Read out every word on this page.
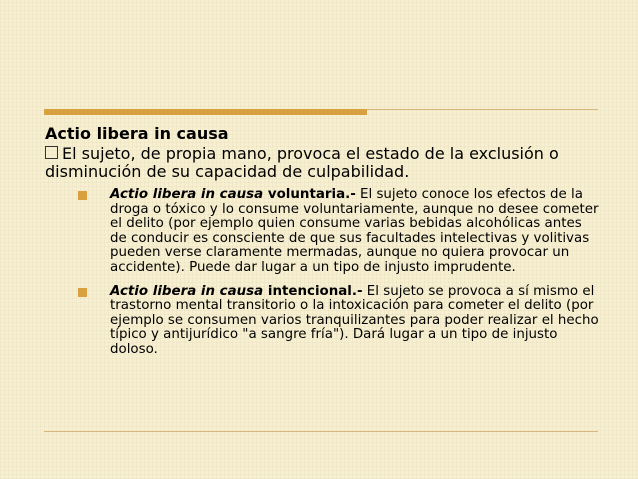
Actio libera in causa
El sujeto, de propia mano, provoca el estado de la exclusión o disminución de su capacidad de culpabilidad.
Actio libera in causa voluntaria.- El sujeto conoce los efectos de la droga o tóxico y lo consume voluntariamente, aunque no desee cometer el delito (por ejemplo quien consume varias bebidas alcohólicas antes de conducir es consciente de que sus facultades intelectivas y volitivas pueden verse claramente mermadas, aunque no quiera provocar un accidente). Puede dar lugar a un tipo de injusto imprudente.
Actio libera in causa intencional.- El sujeto se provoca a sí mismo el trastorno mental transitorio o la intoxicación para cometer el delito (por ejemplo se consumen varios tranquilizantes para poder realizar el hecho típico y antijurídico "a sangre fría"). Dará lugar a un tipo de injusto doloso.
